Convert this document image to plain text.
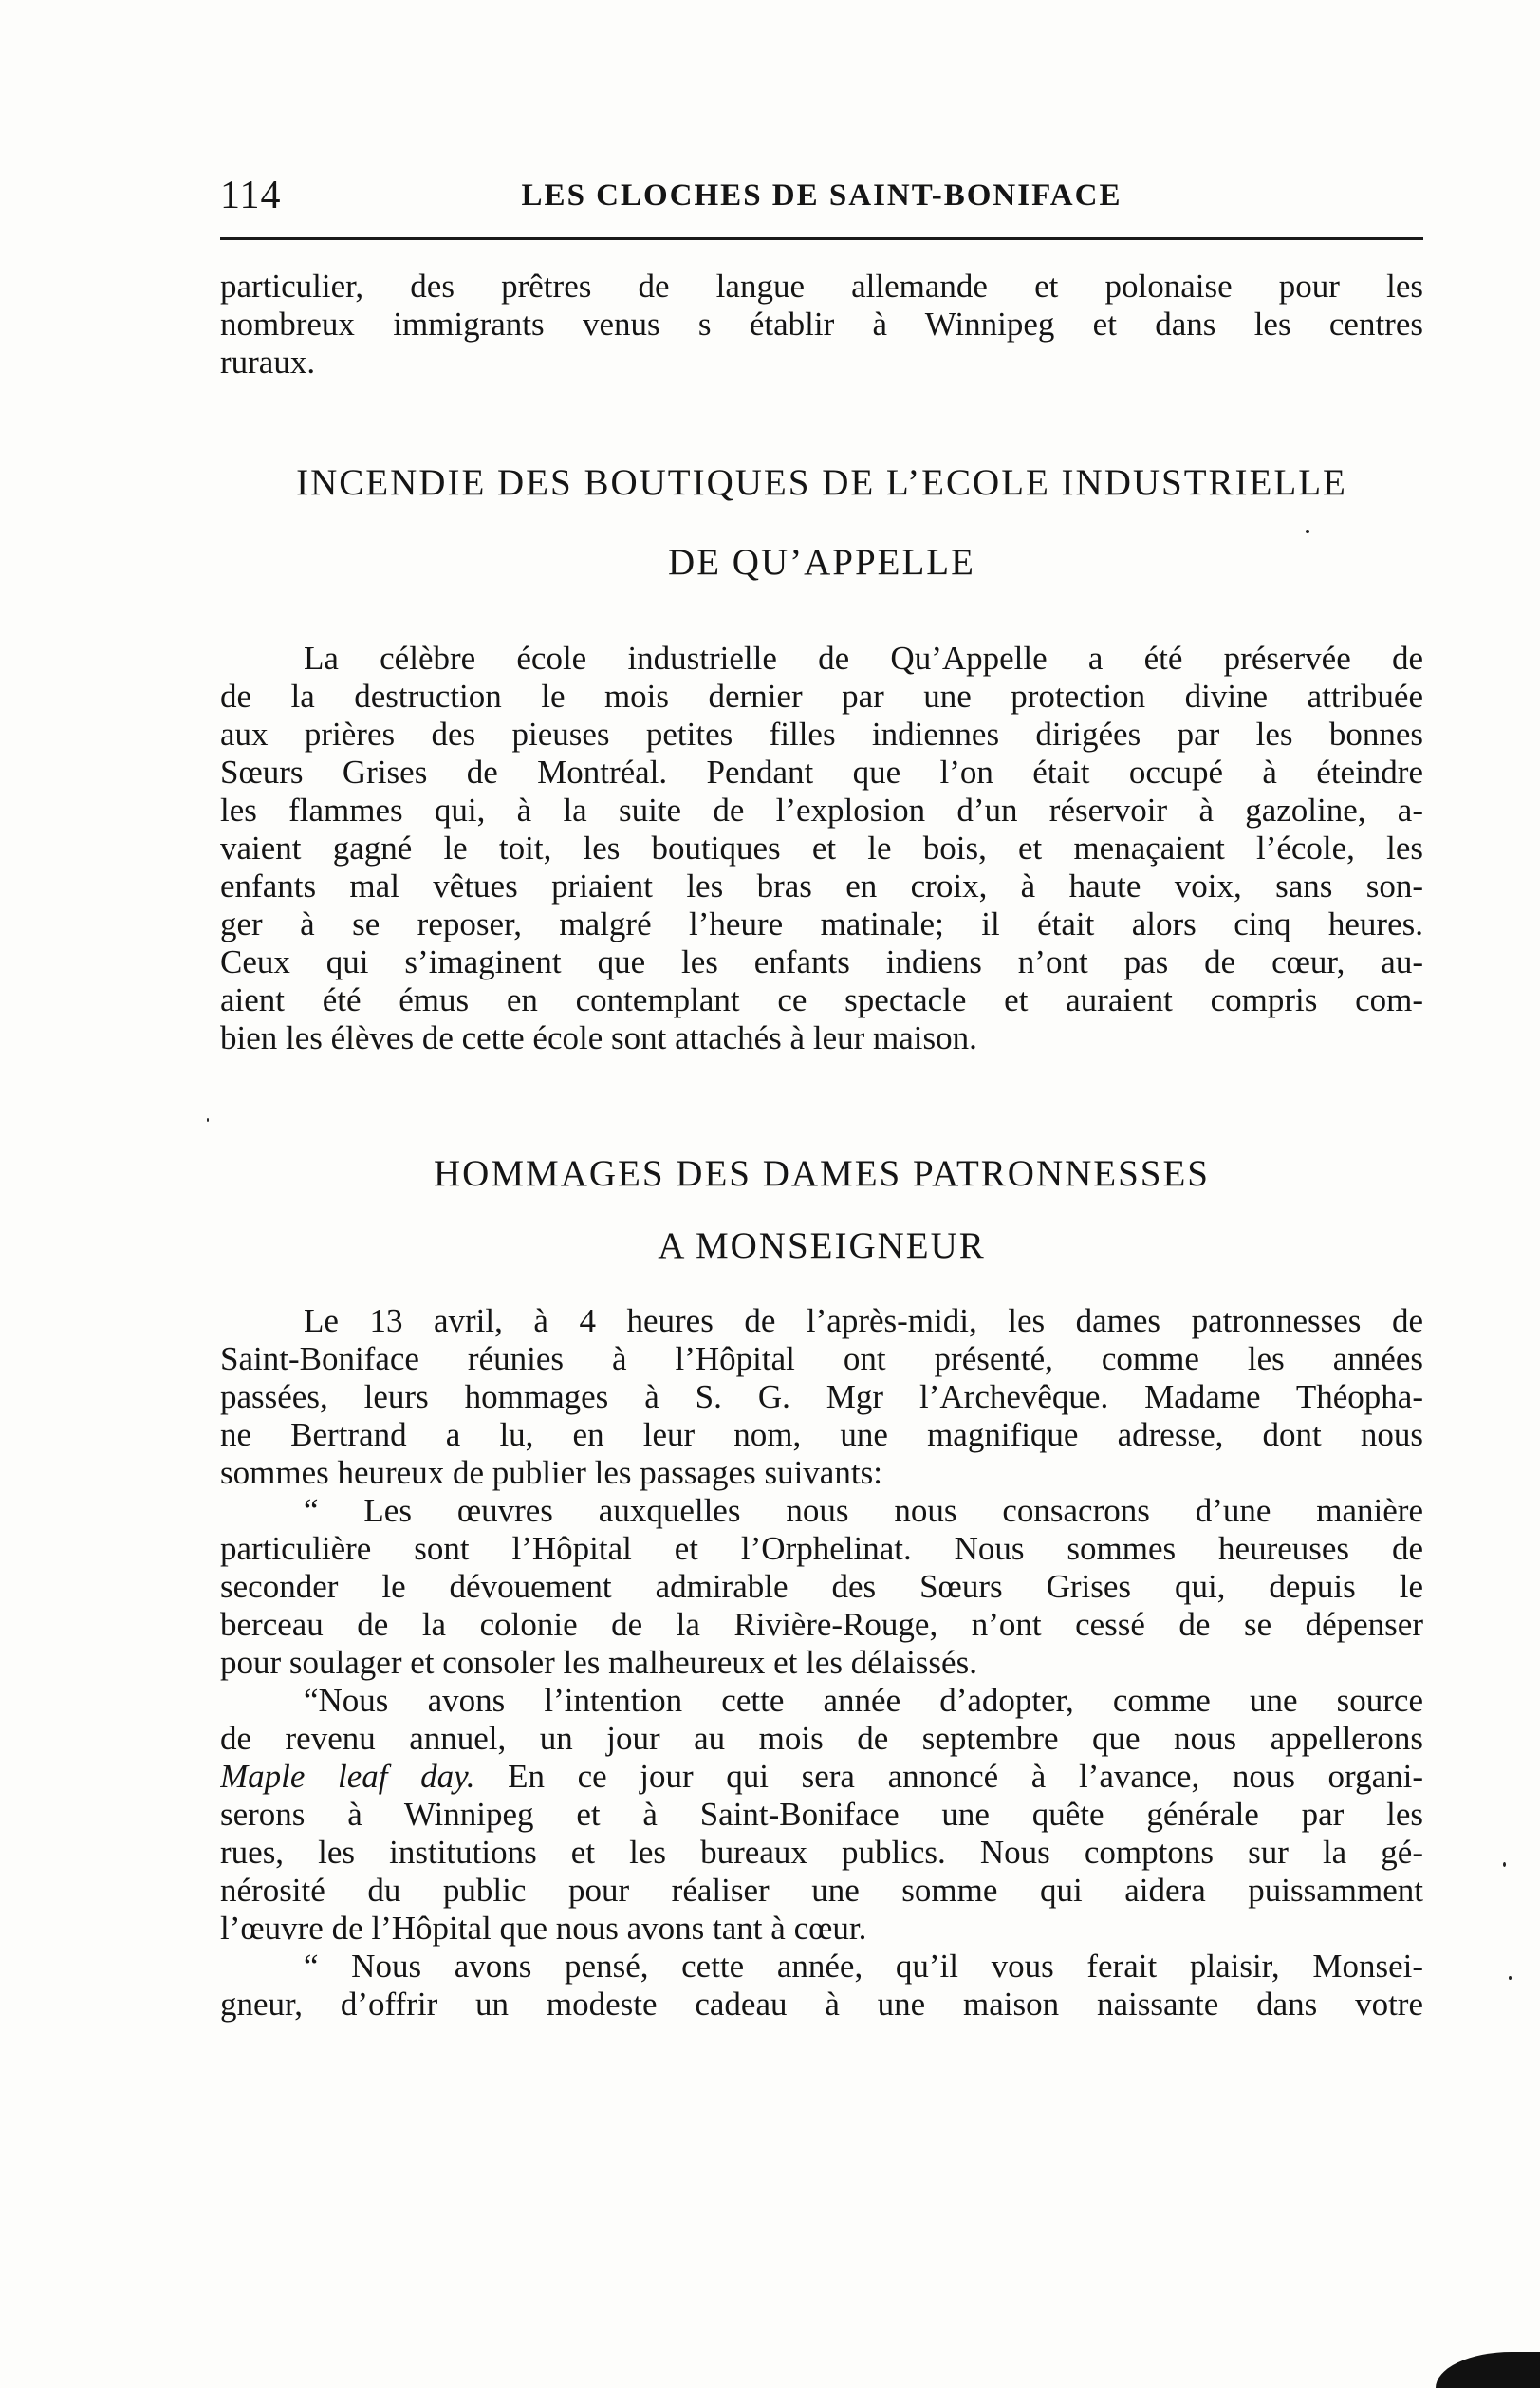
114	LES CLOCHES DE SAINT-BONIFACE
particulier, des prêtres de langue allemande et polonaise pour les
nombreux immigrants venus s établir à Winnipeg et dans les centres
ruraux.
INCENDIE DES BOUTIQUES DE L’ECOLE INDUSTRIELLE
DE QU’APPELLE
La célèbre école industrielle de Qu’Appelle a été préservée de
de la destruction le mois dernier par une protection divine attribuée
aux prières des pieuses petites filles indiennes dirigées par les bonnes
Sœurs Grises de Montréal. Pendant que l’on était occupé à éteindre
les flammes qui, à la suite de l’explosion d’un réservoir à gazoline, a-
vaient gagné le toit, les boutiques et le bois, et menaçaient l’école, les
enfants mal vêtues priaient les bras en croix, à haute voix, sans son-
ger à se reposer, malgré l’heure matinale; il était alors cinq heures.
Ceux qui s’imaginent que les enfants indiens n’ont pas de cœur, au-
aient été émus en contemplant ce spectacle et auraient compris com-
bien les élèves de cette école sont attachés à leur maison.
HOMMAGES DES DAMES PATRONNESSES
A MONSEIGNEUR
Le 13 avril, à 4 heures de l’après-midi, les dames patronnesses de
Saint-Boniface réunies à l’Hôpital ont présenté, comme les années
passées, leurs hommages à S. G. Mgr l’Archevêque. Madame Théopha-
ne Bertrand a lu, en leur nom, une magnifique adresse, dont nous
sommes heureux de publier les passages suivants:
“ Les œuvres auxquelles nous nous consacrons d’une manière
particulière sont l’Hôpital et l’Orphelinat. Nous sommes heureuses de
seconder le dévouement admirable des Sœurs Grises qui, depuis le
berceau de la colonie de la Rivière-Rouge, n’ont cessé de se dépenser
pour soulager et consoler les malheureux et les délaissés.
“Nous avons l’intention cette année d’adopter, comme une source
de revenu annuel, un jour au mois de septembre que nous appellerons
Maple leaf day. En ce jour qui sera annoncé à l’avance, nous organi-
serons à Winnipeg et à Saint-Boniface une quête générale par les
rues, les institutions et les bureaux publics. Nous comptons sur la gé-
nérosité du public pour réaliser une somme qui aidera puissamment
l’œuvre de l’Hôpital que nous avons tant à cœur.
“ Nous avons pensé, cette année, qu’il vous ferait plaisir, Monsei-
gneur, d’offrir un modeste cadeau à une maison naissante dans votre
